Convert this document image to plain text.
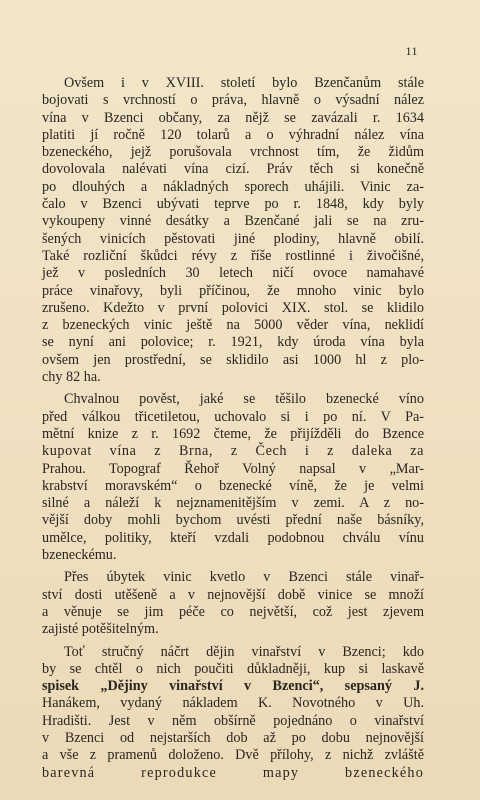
11
Ovšem i v XVIII. století bylo Bzenčanům stále
bojovati s vrchností o práva, hlavně o výsadní nález
vína v Bzenci občany, za nějž se zavázali r. 1634
platiti jí ročně 120 tolarů a o výhradní nález vína
bzeneckého, jejž porušovala vrchnost tím, že židům
dovolovala nalévati vína cizí. Práv těch si konečně
po dlouhých a nákladných sporech uhájili. Vinic za-
čalo v Bzenci ubývati teprve po r. 1848, kdy byly
vykoupeny vinné desátky a Bzenčané jali se na zru-
šených vinicích pěstovati jiné plodiny, hlavně obilí.
Také rozliční škůdci révy z říše rostlinné i živočišné,
jež v posledních 30 letech ničí ovoce namahavé
práce vinařovy, byli příčinou, že mnoho vinic bylo
zrušeno. Kdežto v první polovici XIX. stol. se klidilo
z bzeneckých vinic ještě na 5000 věder vína, neklidí
se nyní ani polovice; r. 1921, kdy úroda vína byla
ovšem jen prostřední, se sklidilo asi 1000 hl z plo-
chy 82 ha.
Chvalnou pověst, jaké se těšilo bzenecké víno
před válkou třicetiletou, uchovalo si i po ní. V Pa-
mětní knize z r. 1692 čteme, že přijížděli do Bzence
kupovat vína z Brna, z Čech i z daleka za
Prahou. Topograf Řehoř Volný napsal v „Mar-
krabství moravském“ o bzenecké víně, že je velmi
silné a náleží k nejznamenitějším v zemi. A z no-
vější doby mohli bychom uvésti přední naše básníky,
umělce, politiky, kteří vzdali podobnou chválu vínu
bzeneckému.
Přes úbytek vinic kvetlo v Bzenci stále vinař-
ství dosti utěšeně a v nejnovější době vinice se množí
a věnuje se jim péče co největší, což jest zjevem
zajisté potěšitelným.
Toť stručný náčrt dějin vinařství v Bzenci; kdo
by se chtěl o nich poučiti důkladněji, kup si laskavě
spisek „Dějiny vinařství v Bzenci“, sepsaný J.
Hanákem, vydaný nákladem K. Novotného v Uh.
Hradišti. Jest v něm obšírně pojednáno o vinařství
v Bzenci od nejstarších dob až po dobu nejnovější
a vše z pramenů doloženo. Dvě přílohy, z nichž zvláště
barevná reprodukce mapy bzeneckého
